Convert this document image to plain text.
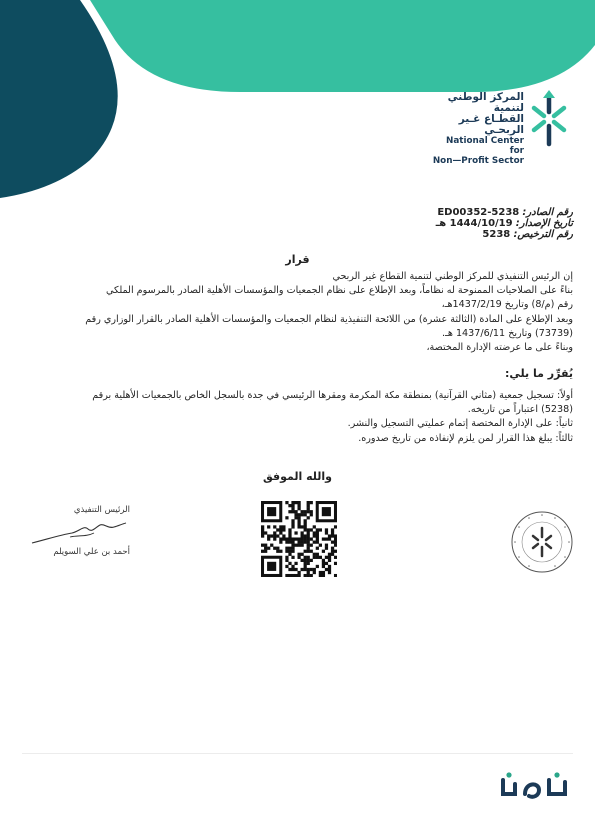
المركز الوطني لتنمية
القطـاع غـير الربحـي
National Center for
Non—Profit Sector
رقم الصادر: ED00352-5238
تاريخ الإصدار: 1444/10/19 هـ
رقم الترخيص: 5238
قرار
إن الرئيس التنفيذي للمركز الوطني لتنمية القطاع غير الربحي
بناءً على الصلاحيات الممنوحة له نظاماً، وبعد الإطلاع على نظام الجمعيات والمؤسسات الأهلية الصادر بالمرسوم الملكي
رقم (م/8) وتاريخ 1437/2/19هـ،
وبعد الإطلاع على المادة (الثالثة عشرة) من اللائحة التنفيذية لنظام الجمعيات والمؤسسات الأهلية الصادر بالقرار الوزاري رقم
(73739) وتاريخ 1437/6/11 هـ.
وبناءً على ما عرضته الإدارة المختصة،
يُقرِّر ما يلي:
أولاً: تسجيل جمعية (مثاني القرآنية) بمنطقة مكة المكرمة ومقرها الرئيسي في جدة بالسجل الخاص بالجمعيات الأهلية برقم
(5238) اعتباراً من تاريخه.
ثانياً: على الإدارة المختصة إتمام عمليتي التسجيل والنشر.
ثالثاً: يبلغ هذا القرار لمن يلزم لإنفاذه من تاريخ صدوره.
والله الموفق
الرئيس التنفيذي
أحمد بن علي السويلم
